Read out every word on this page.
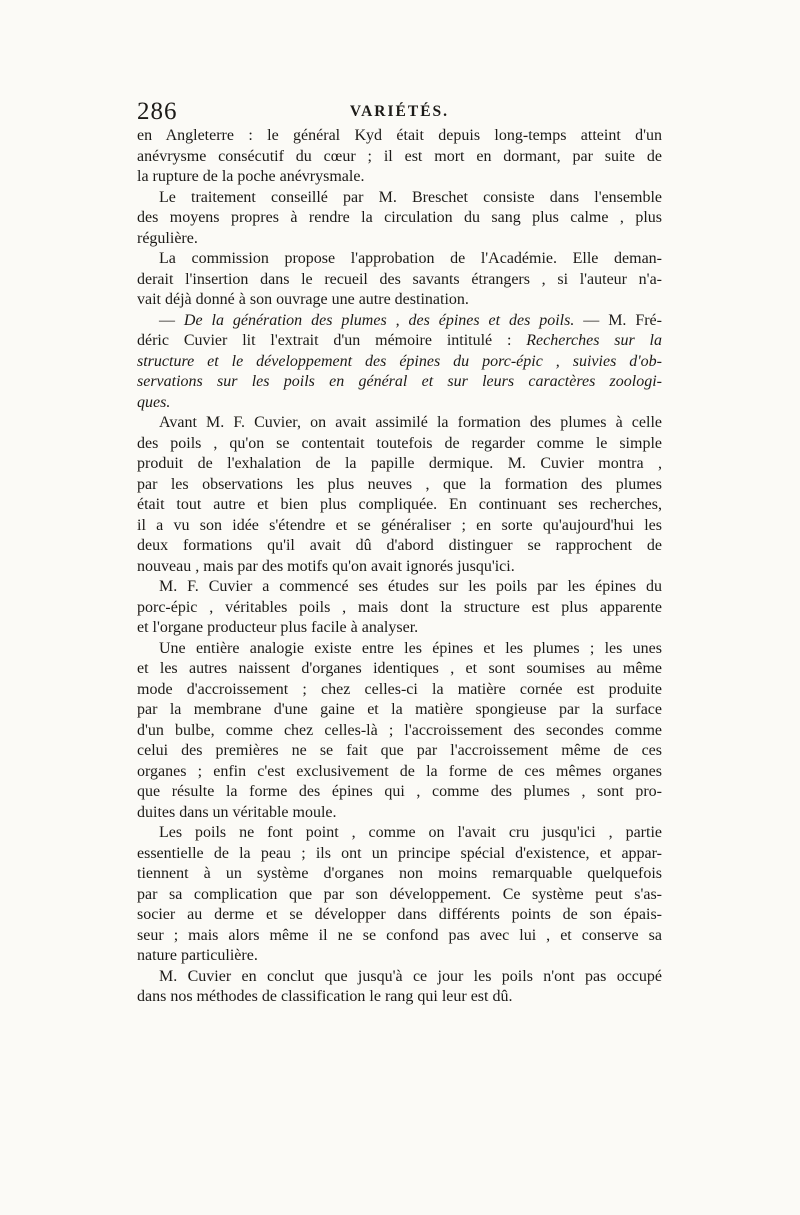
286	VARIÉTÉS.
en Angleterre : le général Kyd était depuis long-temps atteint d'un
anévrysme consécutif du cœur ; il est mort en dormant, par suite de
la rupture de la poche anévrysmale.
Le traitement conseillé par M. Breschet consiste dans l'ensemble
des moyens propres à rendre la circulation du sang plus calme , plus
régulière.
La commission propose l'approbation de l'Académie. Elle deman-
derait l'insertion dans le recueil des savants étrangers , si l'auteur n'a-
vait déjà donné à son ouvrage une autre destination.
— De la génération des plumes , des épines et des poils. — M. Fré-
déric Cuvier lit l'extrait d'un mémoire intitulé : Recherches sur la
structure et le développement des épines du porc-épic , suivies d'ob-
servations sur les poils en général et sur leurs caractères zoologi-
ques.
Avant M. F. Cuvier, on avait assimilé la formation des plumes à celle
des poils , qu'on se contentait toutefois de regarder comme le simple
produit de l'exhalation de la papille dermique. M. Cuvier montra ,
par les observations les plus neuves , que la formation des plumes
était tout autre et bien plus compliquée. En continuant ses recherches,
il a vu son idée s'étendre et se généraliser ; en sorte qu'aujourd'hui les
deux formations qu'il avait dû d'abord distinguer se rapprochent de
nouveau , mais par des motifs qu'on avait ignorés jusqu'ici.
M. F. Cuvier a commencé ses études sur les poils par les épines du
porc-épic , véritables poils , mais dont la structure est plus apparente
et l'organe producteur plus facile à analyser.
Une entière analogie existe entre les épines et les plumes ; les unes
et les autres naissent d'organes identiques , et sont soumises au même
mode d'accroissement ; chez celles-ci la matière cornée est produite
par la membrane d'une gaine et la matière spongieuse par la surface
d'un bulbe, comme chez celles-là ; l'accroissement des secondes comme
celui des premières ne se fait que par l'accroissement même de ces
organes ; enfin c'est exclusivement de la forme de ces mêmes organes
que résulte la forme des épines qui , comme des plumes , sont pro-
duites dans un véritable moule.
Les poils ne font point , comme on l'avait cru jusqu'ici , partie
essentielle de la peau ; ils ont un principe spécial d'existence, et appar-
tiennent à un système d'organes non moins remarquable quelquefois
par sa complication que par son développement. Ce système peut s'as-
socier au derme et se développer dans différents points de son épais-
seur ; mais alors même il ne se confond pas avec lui , et conserve sa
nature particulière.
M. Cuvier en conclut que jusqu'à ce jour les poils n'ont pas occupé
dans nos méthodes de classification le rang qui leur est dû.
